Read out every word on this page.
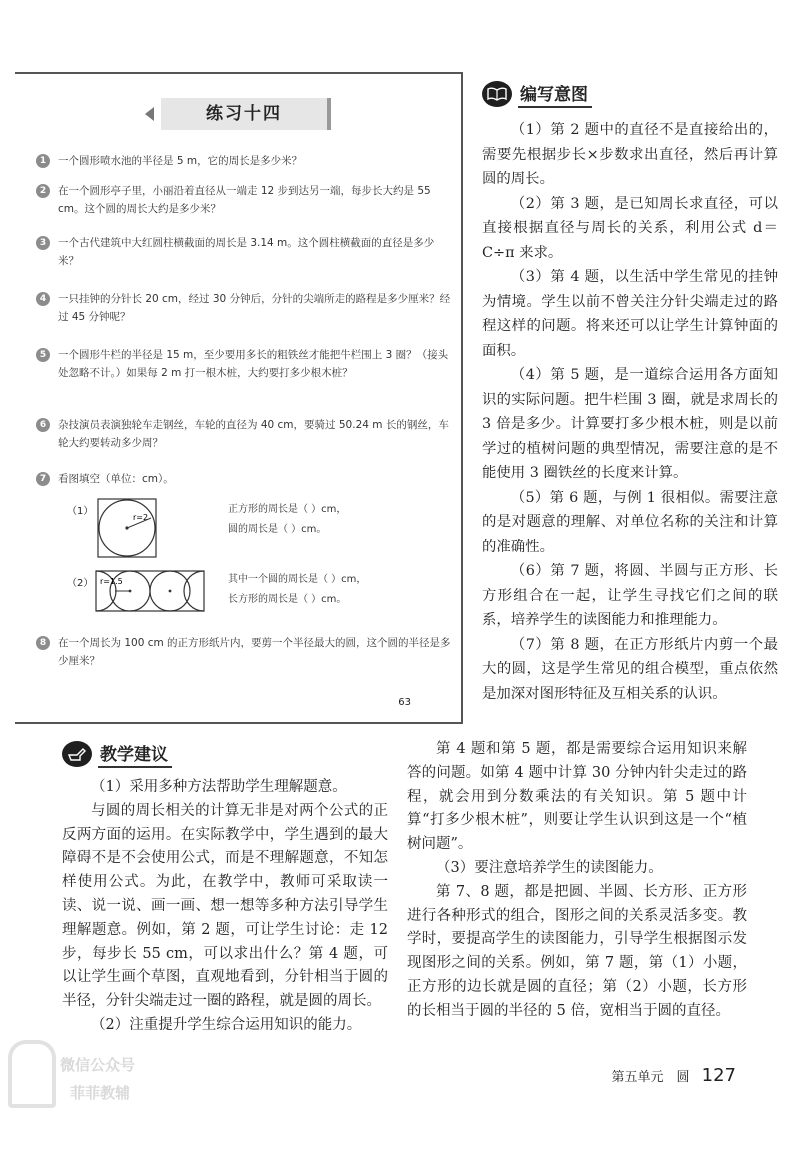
练习十四
1	一个圆形喷水池的半径是 5 m，它的周长是多少米？
2	在一个圆形亭子里，小丽沿着直径从一端走 12 步到达另一端，每步长大约是 55 cm。这个圆的周长大约是多少米？
3	一个古代建筑中大红圆柱横截面的周长是 3.14 m。这个圆柱横截面的直径是多少米？
4	一只挂钟的分针长 20 cm，经过 30 分钟后，分针的尖端所走的路程是多少厘米？经过 45 分钟呢？
5	一个圆形牛栏的半径是 15 m，至少要用多长的粗铁丝才能把牛栏围上 3 圈？（接头处忽略不计。）如果每 2 m 打一根木桩，大约要打多少根木桩？
6	杂技演员表演独轮车走钢丝，车轮的直径为 40 cm，要骑过 50.24 m 长的钢丝，车轮大约要转动多少周？
7	看图填空（单位：cm）。
（1）
r=2
正方形的周长是（ ）cm，
圆的周长是（ ）cm。
（2） r=1.5	其中一个圆的周长是（ ）cm，
长方形的周长是（ ）cm。
8	在一个周长为 100 cm 的正方形纸片内，要剪一个半径最大的圆，这个圆的半径是多少厘米？
63
编写意图

（1）第 2 题中的直径不是直接给出的，需要先根据步长×步数求出直径，然后再计算圆的周长。

（2）第 3 题，是已知周长求直径，可以直接根据直径与周长的关系，利用公式 d＝C÷π 来求。

（3）第 4 题，以生活中学生常见的挂钟为情境。学生以前不曾关注分针尖端走过的路程这样的问题。将来还可以让学生计算钟面的面积。

（4）第 5 题，是一道综合运用各方面知识的实际问题。把牛栏围 3 圈，就是求周长的 3 倍是多少。计算要打多少根木桩，则是以前学过的植树问题的典型情况，需要注意的是不能使用 3 圈铁丝的长度来计算。

（5）第 6 题，与例 1 很相似。需要注意的是对题意的理解、对单位名称的关注和计算的准确性。

（6）第 7 题，将圆、半圆与正方形、长方形组合在一起，让学生寻找它们之间的联系，培养学生的读图能力和推理能力。

（7）第 8 题，在正方形纸片内剪一个最大的圆，这是学生常见的组合模型，重点依然是加深对图形特征及互相关系的认识。

教学建议

（1）采用多种方法帮助学生理解题意。

与圆的周长相关的计算无非是对两个公式的正反两方面的运用。在实际教学中，学生遇到的最大障碍不是不会使用公式，而是不理解题意，不知怎样使用公式。为此，在教学中，教师可采取读一读、说一说、画一画、想一想等多种方法引导学生理解题意。例如，第 2 题，可让学生讨论：走 12 步，每步长 55 cm，可以求出什么？第 4 题，可以让学生画个草图，直观地看到，分针相当于圆的半径，分针尖端走过一圈的路程，就是圆的周长。

（2）注重提升学生综合运用知识的能力。

第 4 题和第 5 题，都是需要综合运用知识来解答的问题。如第 4 题中计算 30 分钟内针尖走过的路程，就会用到分数乘法的有关知识。第 5 题中计算“打多少根木桩”，则要让学生认识到这是一个“植树问题”。

（3）要注意培养学生的读图能力。

第 7、8 题，都是把圆、半圆、长方形、正方形进行各种形式的组合，图形之间的关系灵活多变。教学时，要提高学生的读图能力，引导学生根据图示发现图形之间的关系。例如，第 7 题，第（1）小题，正方形的边长就是圆的直径；第（2）小题，长方形的长相当于圆的半径的 5 倍，宽相当于圆的直径。

微信公众号
菲菲教辅
第五单元　圆 127
